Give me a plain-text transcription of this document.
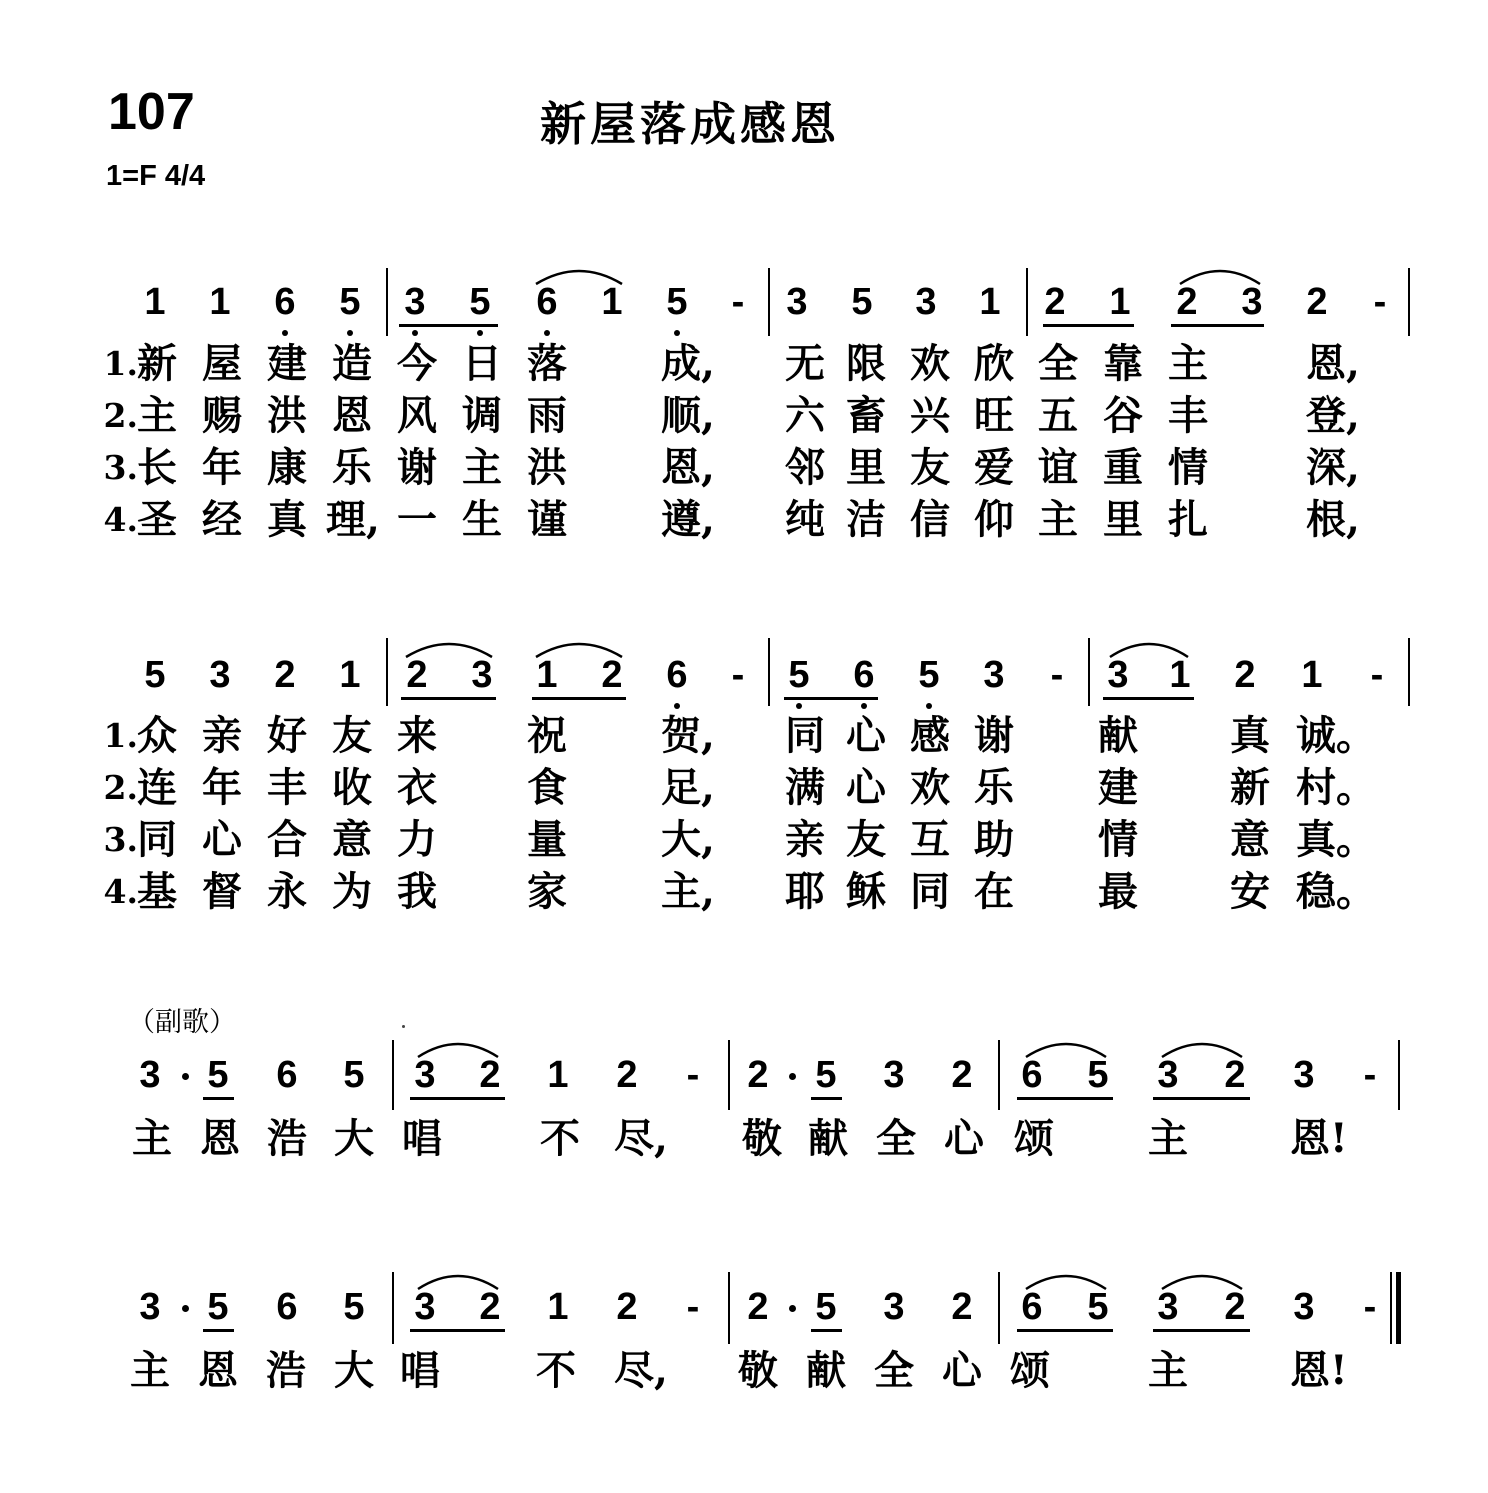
107	新屋落成感恩
1=F 4/4
（副歌）
1 1 6 5 3 5 6 1 5	-	3 5 3 1 2 1 2 3 2	-
1. 新 屋 建 造 今 日 落 成,	无 限 欢 欣 全 靠 主 恩,
2. 主 赐 洪 恩 风 调 雨 顺,	六 畜 兴 旺 五 谷 丰 登,
3. 长 年 康 乐 谢 主 洪 恩,	邻 里 友 爱 谊 重 情 深,
4. 圣 经 真 理, 一 生 谨 遵,	纯 洁 信 仰 主 里 扎 根,
5 3 2 1 2 3 1 2 6	-	5 6 5 3	-	3 1 2 1	-
1. 众 亲 好 友 来 祝 贺,	同 心 感 谢 献 真 诚。
2. 连 年 丰 收 衣 食 足,	满 心 欢 乐 建 新 村。
3. 同 心 合 意 力 量 大,	亲 友 互 助 情 意 真。
4. 基 督 永 为 我 家 主,	耶 稣 同 在 最 安 稳。
3 5 6 5 3 2 1 2	-	2 5 3 2 6 5 3 2 3	-
主 恩 浩 大 唱 不 尽,	敬 献 全 心 颂 主	恩!
3 5 6 5 3 2 1 2	-	2 5 3 2 6 5 3 2 3	-
主 恩 浩 大 唱 不 尽,	敬 献 全 心 颂 主	恩!
